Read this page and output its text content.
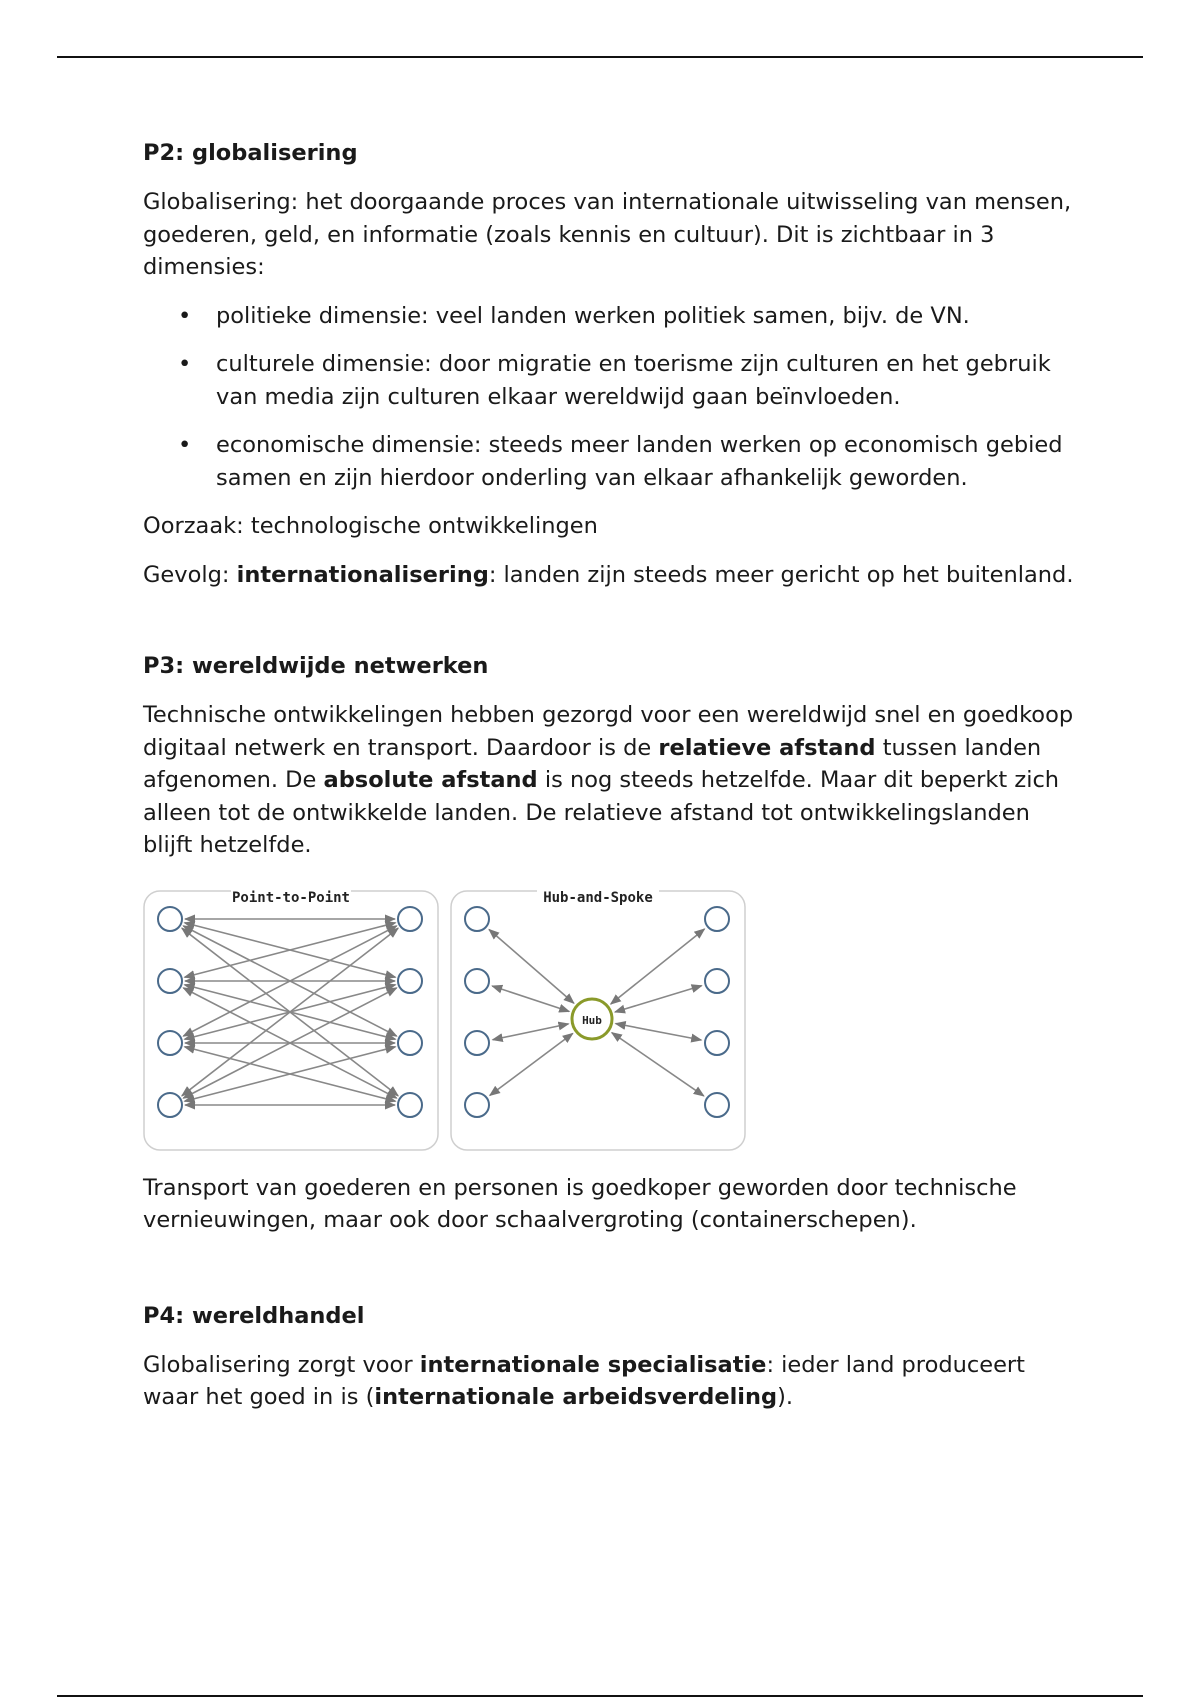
P2: globalisering

Globalisering: het doorgaande proces van internationale uitwisseling van mensen, goederen, geld, en informatie (zoals kennis en cultuur). Dit is zichtbaar in 3 dimensies:

• politieke dimensie: veel landen werken politiek samen, bijv. de VN.
• culturele dimensie: door migratie en toerisme zijn culturen en het gebruik van media zijn culturen elkaar wereldwijd gaan beïnvloeden.
• economische dimensie: steeds meer landen werken op economisch gebied samen en zijn hierdoor onderling van elkaar afhankelijk geworden.

Oorzaak: technologische ontwikkelingen

Gevolg: internationalisering: landen zijn steeds meer gericht op het buitenland.

P3: wereldwijde netwerken

Technische ontwikkelingen hebben gezorgd voor een wereldwijd snel en goedkoop digitaal netwerk en transport. Daardoor is de relatieve afstand tussen landen afgenomen. De absolute afstand is nog steeds hetzelfde. Maar dit beperkt zich alleen tot de ontwikkelde landen. De relatieve afstand tot ontwikkelingslanden blijft hetzelfde.

Point-to-Point	Hub-and-Spoke
Hub

Transport van goederen en personen is goedkoper geworden door technische vernieuwingen, maar ook door schaalvergroting (containerschepen).

P4: wereldhandel

Globalisering zorgt voor internationale specialisatie: ieder land produceert waar het goed in is (internationale arbeidsverdeling).
